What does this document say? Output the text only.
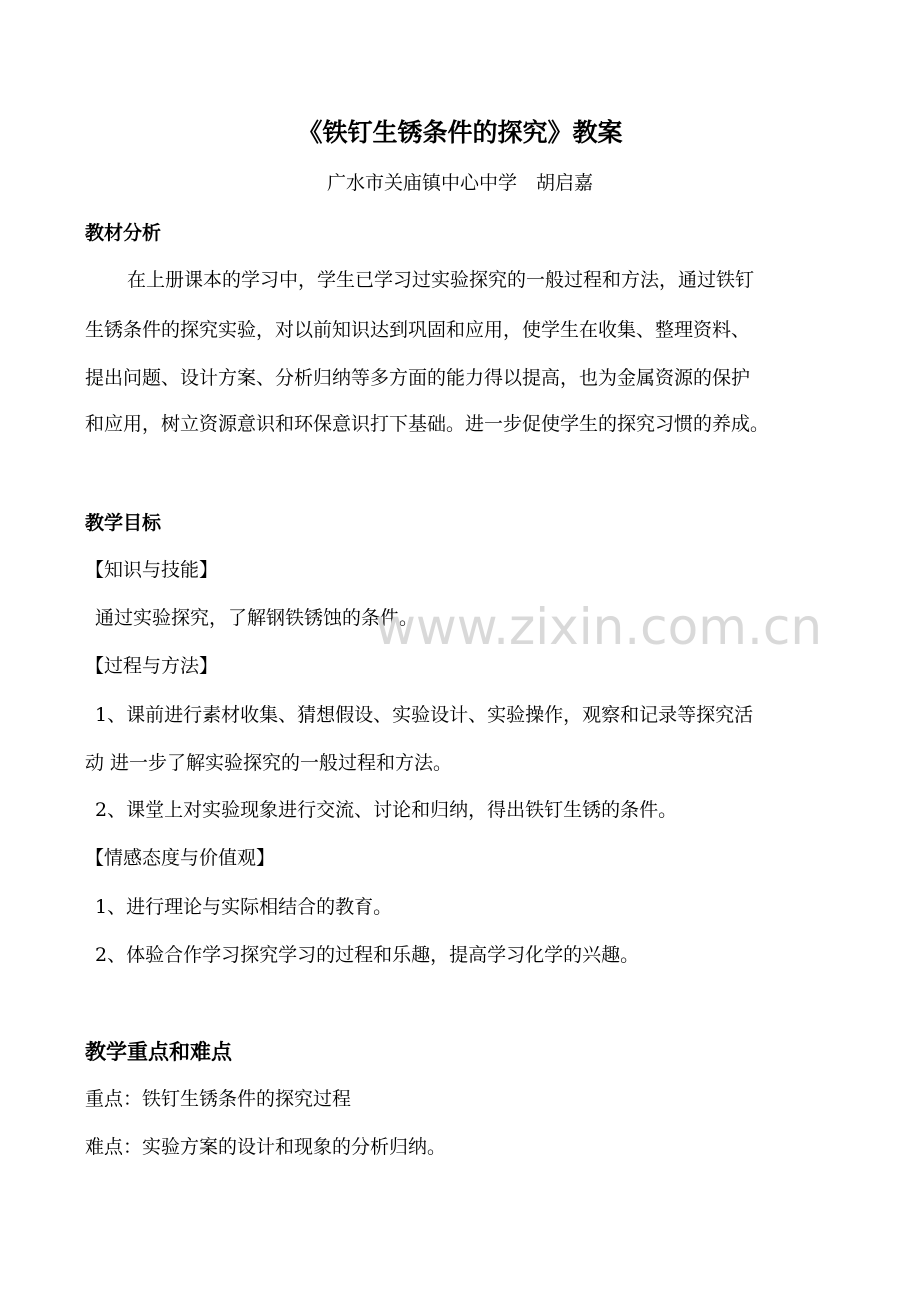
《铁钉生锈条件的探究》教案
广水市关庙镇中心中学　胡启嘉
教材分析
在上册课本的学习中，学生已学习过实验探究的一般过程和方法，通过铁钉
生锈条件的探究实验，对以前知识达到巩固和应用，使学生在收集、整理资料、
提出问题、设计方案、分析归纳等多方面的能力得以提高，也为金属资源的保护
和应用，树立资源意识和环保意识打下基础。进一步促使学生的探究习惯的养成。
教学目标
【知识与技能】
通过实验探究，了解钢铁锈蚀的条件。
【过程与方法】
1、课前进行素材收集、猜想假设、实验设计、实验操作，观察和记录等探究活
动 进一步了解实验探究的一般过程和方法。
2、课堂上对实验现象进行交流、讨论和归纳，得出铁钉生锈的条件。
【情感态度与价值观】
1、进行理论与实际相结合的教育。
2、体验合作学习探究学习的过程和乐趣，提高学习化学的兴趣。
教学重点和难点
重点：铁钉生锈条件的探究过程
难点：实验方案的设计和现象的分析归纳。
www.zixin.com.cn
